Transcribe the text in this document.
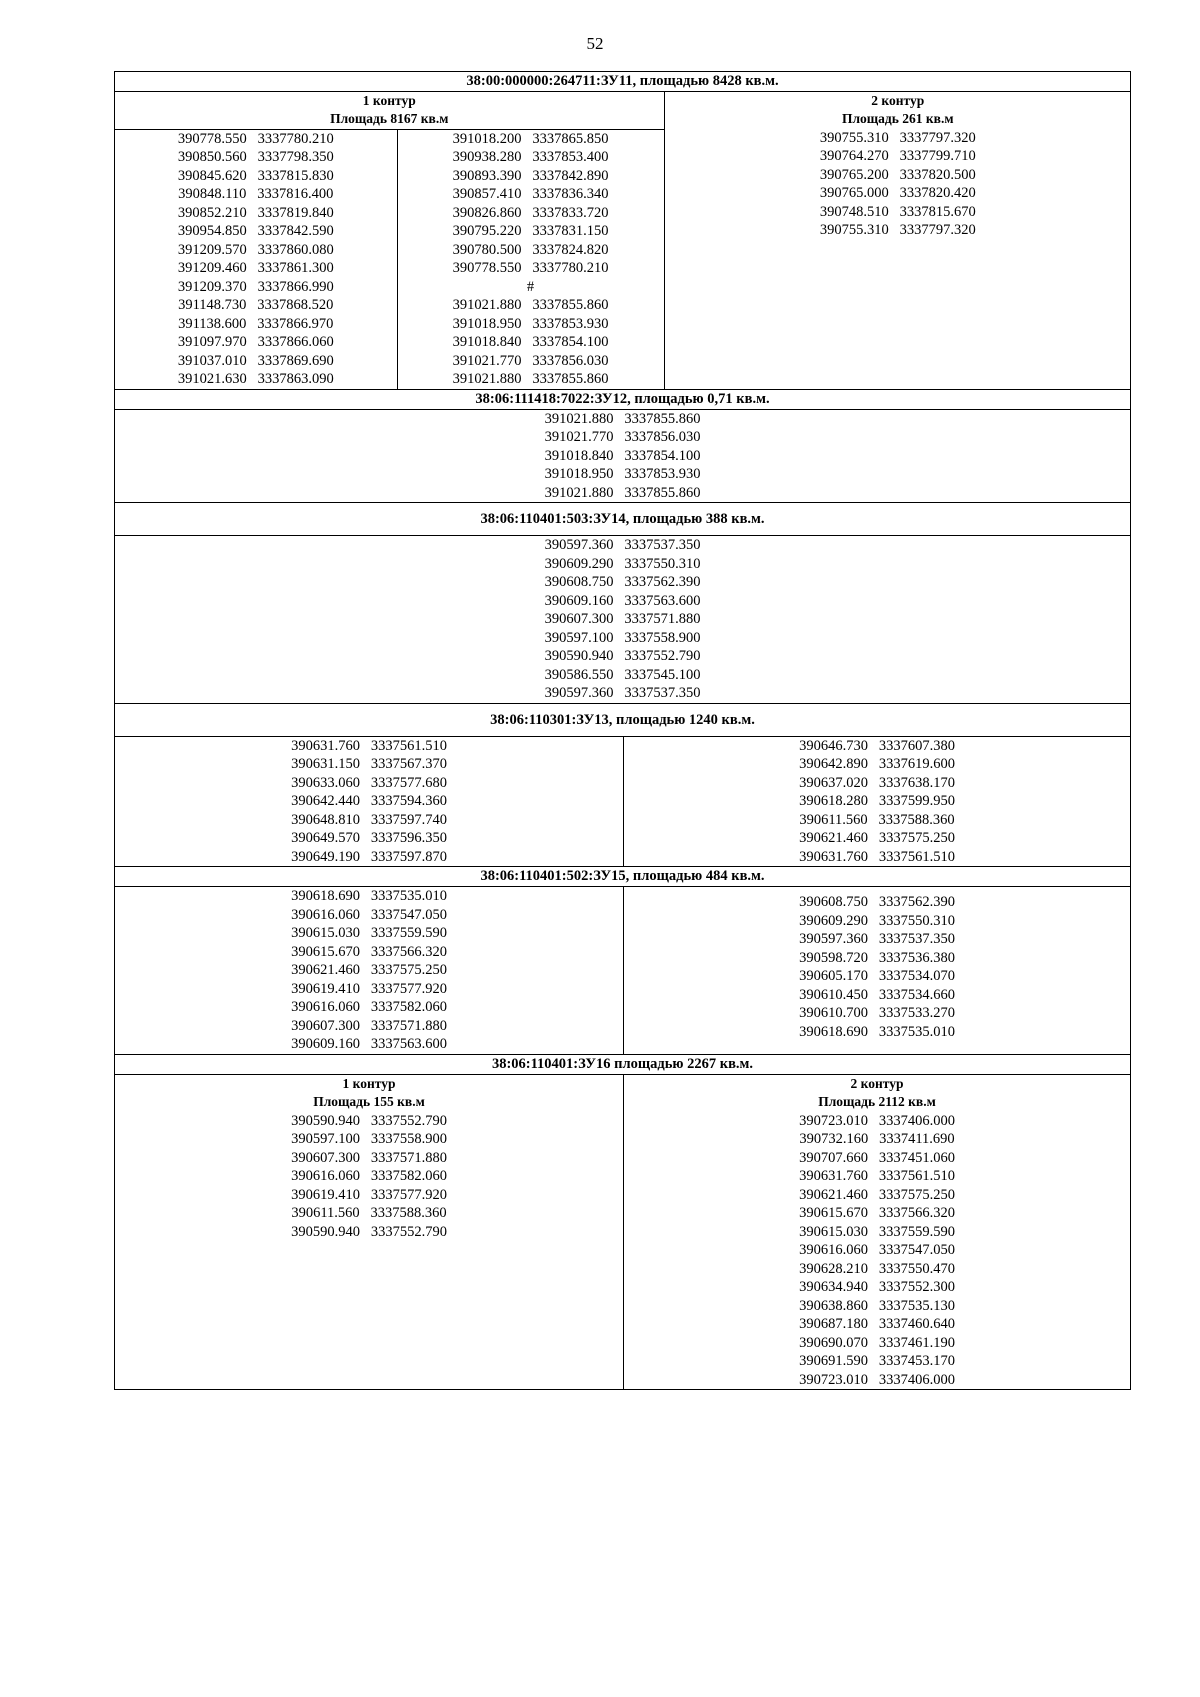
52
38:00:000000:264711:ЗУ11, площадью 8428 кв.м.

1 контур
Площадь 8167 кв.м

2 контур
Площадь 261 кв.м
390755.310   3337797.320
390764.270   3337799.710
390765.200   3337820.500
390765.000   3337820.420
390748.510   3337815.670
390755.310   3337797.320

390778.550   3337780.210
390850.560   3337798.350
390845.620   3337815.830
390848.110   3337816.400
390852.210   3337819.840
390954.850   3337842.590
391209.570   3337860.080
391209.460   3337861.300
391209.370   3337866.990
391148.730   3337868.520
391138.600   3337866.970
391097.970   3337866.060
391037.010   3337869.690
391021.630   3337863.090

391018.200   3337865.850
390938.280   3337853.400
390893.390   3337842.890
390857.410   3337836.340
390826.860   3337833.720
390795.220   3337831.150
390780.500   3337824.820
390778.550   3337780.210
#
391021.880   3337855.860
391018.950   3337853.930
391018.840   3337854.100
391021.770   3337856.030
391021.880   3337855.860

38:06:111418:7022:ЗУ12, площадью 0,71 кв.м.

391021.880   3337855.860
391021.770   3337856.030
391018.840   3337854.100
391018.950   3337853.930
391021.880   3337855.860

38:06:110401:503:ЗУ14, площадью 388 кв.м.

390597.360   3337537.350
390609.290   3337550.310
390608.750   3337562.390
390609.160   3337563.600
390607.300   3337571.880
390597.100   3337558.900
390590.940   3337552.790
390586.550   3337545.100
390597.360   3337537.350

38:06:110301:ЗУ13, площадью 1240 кв.м.

390631.760   3337561.510
390631.150   3337567.370
390633.060   3337577.680
390642.440   3337594.360
390648.810   3337597.740
390649.570   3337596.350
390649.190   3337597.870

390646.730   3337607.380
390642.890   3337619.600
390637.020   3337638.170
390618.280   3337599.950
390611.560   3337588.360
390621.460   3337575.250
390631.760   3337561.510

38:06:110401:502:ЗУ15, площадью 484 кв.м.

390618.690   3337535.010
390616.060   3337547.050
390615.030   3337559.590
390615.670   3337566.320
390621.460   3337575.250
390619.410   3337577.920
390616.060   3337582.060
390607.300   3337571.880
390609.160   3337563.600

390608.750   3337562.390
390609.290   3337550.310
390597.360   3337537.350
390598.720   3337536.380
390605.170   3337534.070
390610.450   3337534.660
390610.700   3337533.270
390618.690   3337535.010

38:06:110401:ЗУ16 площадью 2267 кв.м.

1 контур
Площадь 155 кв.м
390590.940   3337552.790
390597.100   3337558.900
390607.300   3337571.880
390616.060   3337582.060
390619.410   3337577.920
390611.560   3337588.360
390590.940   3337552.790

2 контур
Площадь 2112 кв.м
390723.010   3337406.000
390732.160   3337411.690
390707.660   3337451.060
390631.760   3337561.510
390621.460   3337575.250
390615.670   3337566.320
390615.030   3337559.590
390616.060   3337547.050
390628.210   3337550.470
390634.940   3337552.300
390638.860   3337535.130
390687.180   3337460.640
390690.070   3337461.190
390691.590   3337453.170
390723.010   3337406.000
